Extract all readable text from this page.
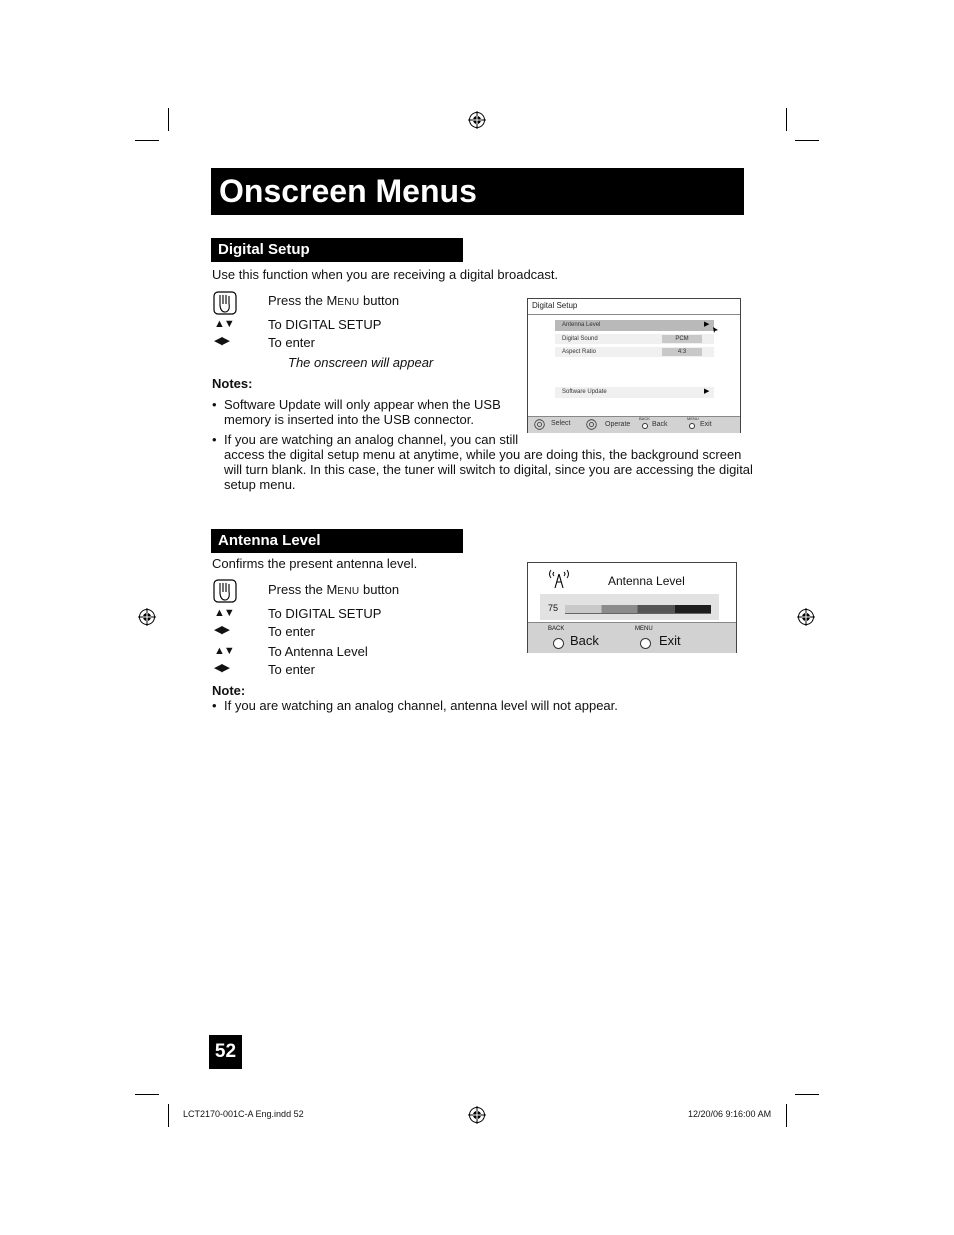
Onscreen Menus
Digital Setup
Use this function when you are receiving a digital broadcast.
Press the MENU button
▲▼	To DIGITAL SETUP
◀▶	To enter
The onscreen will appear
Notes:
• Software Update will only appear when the USB
memory is inserted into the USB connector.
• If you are watching an analog channel, you can still
access the digital setup menu at anytime, while you are doing this, the background screen
will turn blank. In this case, the tuner will switch to digital, since you are accessing the digital
setup menu.
Digital Setup
Antenna Level	▶
Digital Sound	PCM
Aspect Ratio	4:3
Software Update	▶
Select	Operate
BACK
Back
MENU
Exit
Antenna Level
Confirms the present antenna level.
Press the MENU button
▲▼	To DIGITAL SETUP
◀▶	To enter
▲▼	To Antenna Level
◀▶	To enter
Note:
• If you are watching an analog channel, antenna level will not appear.
Antenna Level
75
BACK
Back
MENU
Exit
52
LCT2170-001C-A Eng.indd 52	12/20/06 9:16:00 AM
